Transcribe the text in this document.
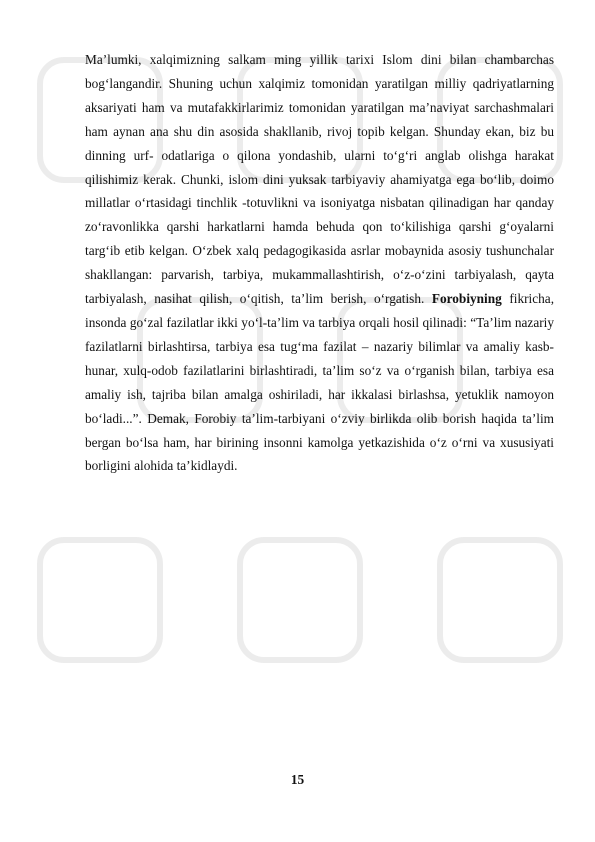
Ma’lumki, xalqimizning salkam ming yillik tarixi Islom dini bilan chambarchas bog‘langandir. Shuning uchun xalqimiz tomonidan yaratilgan milliy qadriyatlarning aksariyati ham va mutafakkirlarimiz tomonidan yaratilgan ma’naviyat sarchashmalari ham aynan ana shu din asosida shakllanib, rivoj topib kelgan. Shunday ekan, biz bu dinning urf- odatlariga o qilona yondashib, ularni to‘g‘ri anglab olishga harakat qilishimiz kerak. Chunki, islom dini yuksak tarbiyaviy ahamiyatga ega bo‘lib, doimo millatlar o‘rtasidagi tinchlik -totuvlikni va isoniyatga nisbatan qilinadigan har qanday zo‘ravonlikka qarshi harkatlarni hamda behuda qon to‘kilishiga qarshi g‘oyalarni targ‘ib etib kelgan. O‘zbek xalq pedagogikasida asrlar mobaynida asosiy tushunchalar shakllangan: parvarish, tarbiya, mukammallashtirish, o‘z-o‘zini tarbiyalash, qayta tarbiyalash, nasihat qilish, o‘qitish, ta’lim berish, o‘rgatish. Forobiyning fikricha, insonda go‘zal fazilatlar ikki yo‘l-ta’lim va tarbiya orqali hosil qilinadi: “Ta’lim nazariy fazilatlarni birlashtirsa, tarbiya esa tug‘ma fazilat – nazariy bilimlar va amaliy kasb-hunar, xulq-odob fazilatlarini birlashtiradi, ta’lim so‘z va o‘rganish bilan, tarbiya esa amaliy ish, tajriba bilan amalga oshiriladi, har ikkalasi birlashsa, yetuklik namoyon bo‘ladi...”. Demak, Forobiy ta’lim-tarbiyani o‘zviy birlikda olib borish haqida ta’lim bergan bo‘lsa ham, har birining insonni kamolga yetkazishida o‘z o‘rni va xususiyati borligini alohida ta’kidlaydi.

15
